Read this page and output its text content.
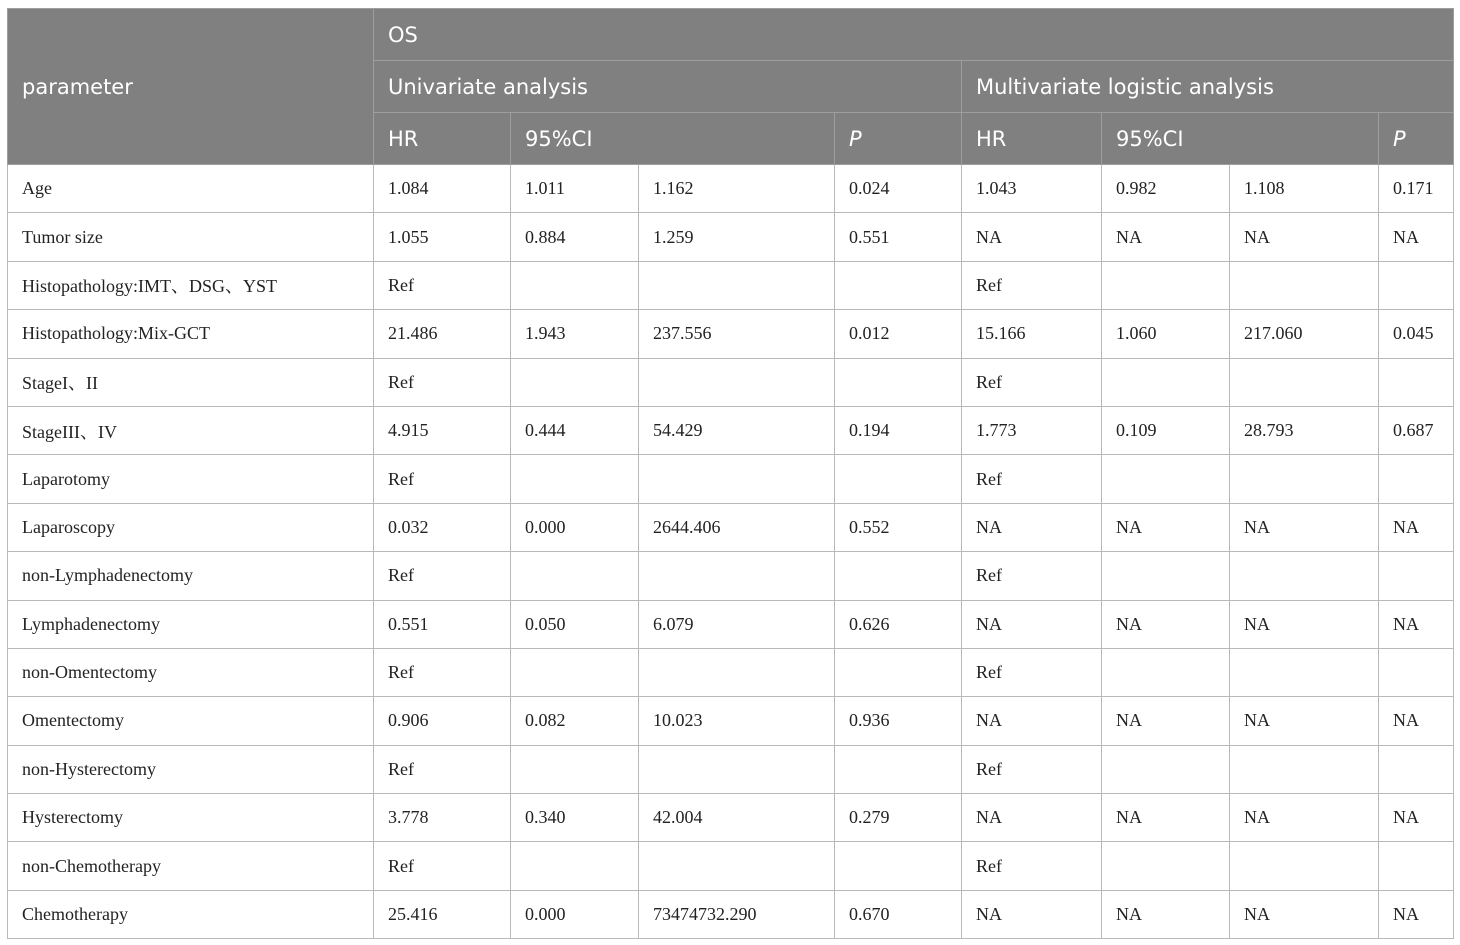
parameter	OS							
	Univariate analysis				Multivariate logistic analysis			
	HR	95%CI		P	HR	95%CI		P
Age	1.084	1.011	1.162	0.024	1.043	0.982	1.108	0.171
Tumor size	1.055	0.884	1.259	0.551	NA	NA	NA	NA
Histopathology:IMT、DSG、YST	Ref				Ref			
Histopathology:Mix-GCT	21.486	1.943	237.556	0.012	15.166	1.060	217.060	0.045
StageI、II	Ref				Ref			
StageIII、IV	4.915	0.444	54.429	0.194	1.773	0.109	28.793	0.687
Laparotomy	Ref				Ref			
Laparoscopy	0.032	0.000	2644.406	0.552	NA	NA	NA	NA
non-Lymphadenectomy	Ref				Ref			
Lymphadenectomy	0.551	0.050	6.079	0.626	NA	NA	NA	NA
non-Omentectomy	Ref				Ref			
Omentectomy	0.906	0.082	10.023	0.936	NA	NA	NA	NA
non-Hysterectomy	Ref				Ref			
Hysterectomy	3.778	0.340	42.004	0.279	NA	NA	NA	NA
non-Chemotherapy	Ref				Ref			
Chemotherapy	25.416	0.000	73474732.290	0.670	NA	NA	NA	NA
